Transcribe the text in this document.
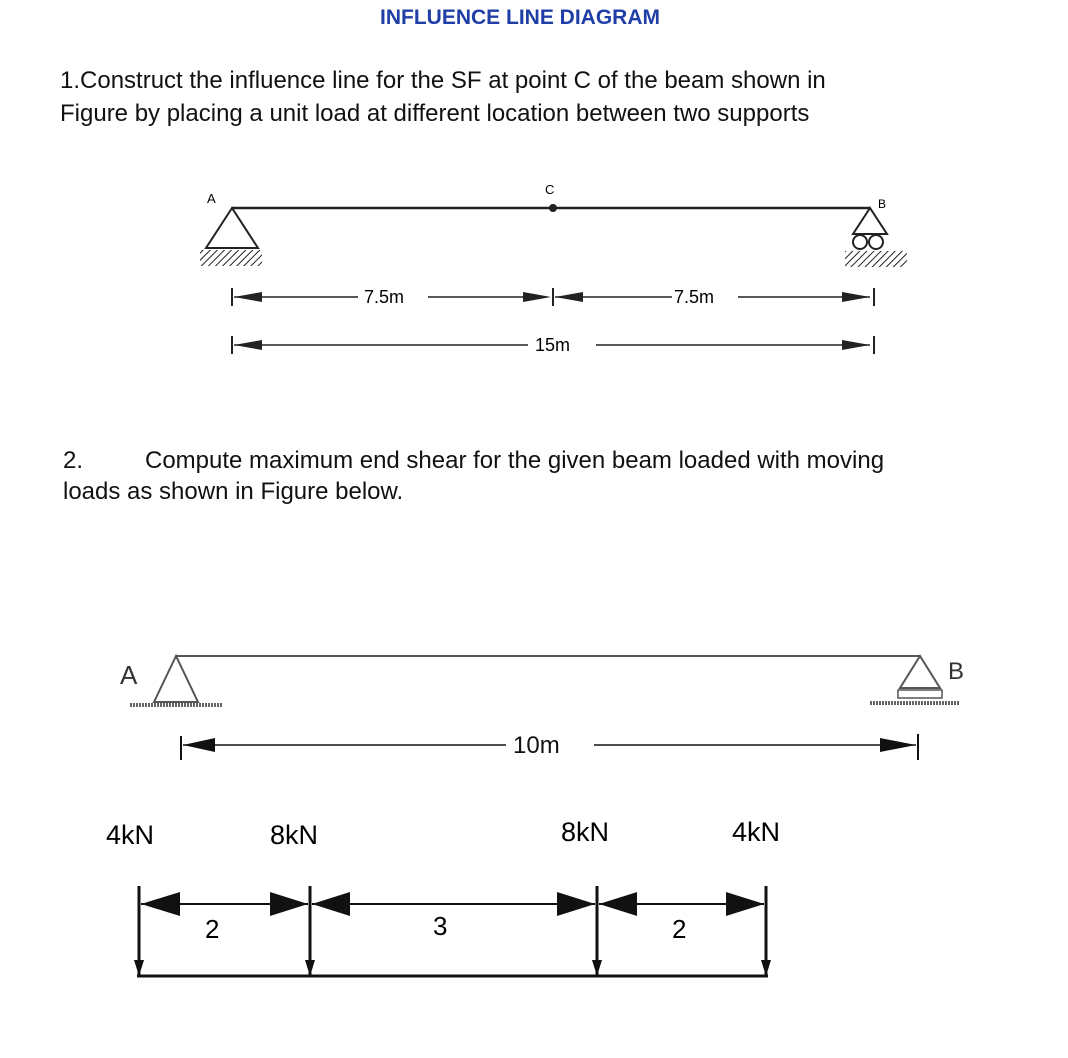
INFLUENCE LINE DIAGRAM
1.Construct the influence line for the SF at point C of the beam shown in
Figure by placing a unit load at different location between two supports
A
C
B
7.5m	7.5m
15m
A	B
10m
4kN	8kN	8kN	4kN
2	3	2
2.	Compute maximum end shear for the given beam loaded with moving
loads as shown in Figure below.
